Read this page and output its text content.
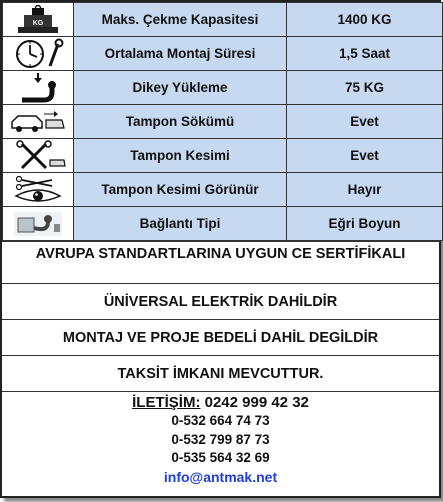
KG	Maks. Çekme Kapasitesi	1400 KG

	Ortalama Montaj Süresi	1,5 Saat

	Dikey Yükleme	75 KG

	Tampon Sökümü	Evet

	Tampon Kesimi	Evet

	Tampon Kesimi Görünür	Hayır

	Bağlantı Tipi	Eğri Boyun
AVRUPA STANDARTLARINA UYGUN CE SERTİFİKALI
ÜNİVERSAL ELEKTRİK DAHİLDİR
MONTAJ VE PROJE BEDELİ DAHİL DEGİLDİR
TAKSİT İMKANI MEVCUTTUR.
İLETİŞİM: 0242 999 42 32
0-532 664 74 73
0-532 799 87 73
0-535 564 32 69
info@antmak.net
